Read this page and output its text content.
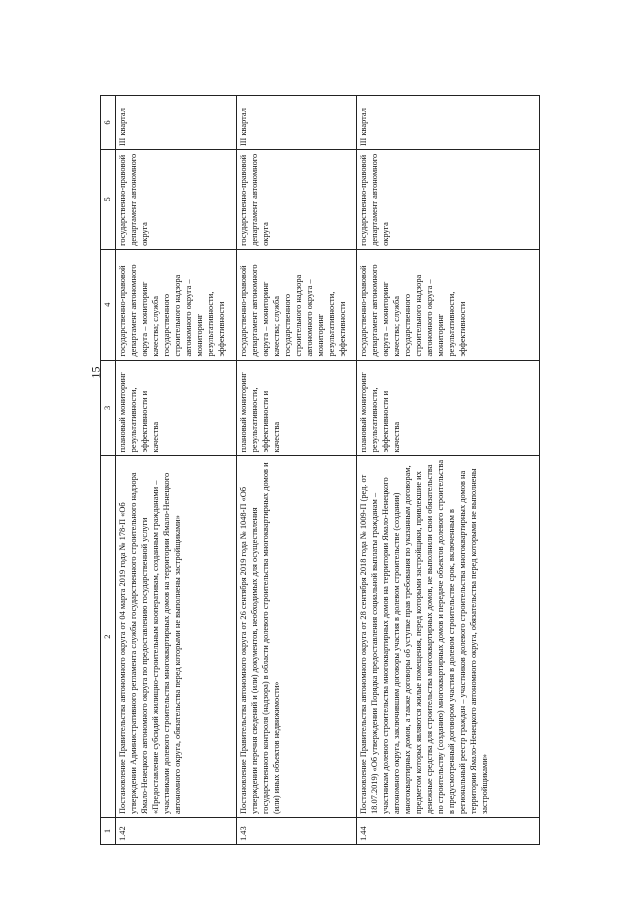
15
1	2	3	4	5	6
1.42	Постановление Правительства автономного округа от 04 марта 2019 года № 178-П «Об утверждении Административного регламента службы государственного строительного надзора Ямало-Ненецкого автономного округа по предоставлению государственной услуги «Предоставление субсидий жилищно-строительным кооперативам, созданным гражданами – участниками долевого строительства многоквартирных домов на территории Ямало-Ненецкого автономного округа, обязательства перед которыми не выполнены застройщиками»	плановый мониторинг результативности, эффективности и качества	государственно-правовой департамент автономного округа – мониторинг качества; служба государственного строительного надзора автономного округа – мониторинг результативности, эффективности	государственно-правовой департамент автономного округа	III квартал
1.43	Постановление Правительства автономного округа от 26 сентября 2019 года № 1048-П «Об утверждении перечня сведений и (или) документов, необходимых для осуществления государственного контроля (надзора) в области долевого строительства многоквартирных домов и (или) иных объектов недвижимости»	плановый мониторинг результативности, эффективности и качества	государственно-правовой департамент автономного округа – мониторинг качества; служба государственного строительного надзора автономного округа – мониторинг результативности, эффективности	государственно-правовой департамент автономного округа	III квартал
1.44	Постановление Правительства автономного округа от 28 сентября 2018 года № 1009-П (ред. от 18.07.2019) «Об утверждении Порядка предоставления социальной выплаты гражданам – участникам долевого строительства многоквартирных домов на территории Ямало-Ненецкого автономного округа, заключившим договоры участия в долевом строительстве (создании) многоквартирных домов, а также договоры об уступке прав требования по указанным договорам, предметом которых являются жилые помещения, перед которыми застройщики, привлекшие их денежные средства для строительства многоквартирных домов, не выполнили свои обязательства по строительству (созданию) многоквартирных домов и передаче объектов долевого строительства в предусмотренный договором участия в долевом строительстве срок, включенным в региональный реестр граждан – участников долевого строительства многоквартирных домов на территории Ямало-Ненецкого автономного округа, обязательства перед которыми не выполнены застройщиками»	плановый мониторинг результативности, эффективности и качества	государственно-правовой департамент автономного округа – мониторинг качества; служба государственного строительного надзора автономного округа – мониторинг результативности, эффективности	государственно-правовой департамент автономного округа	III квартал
